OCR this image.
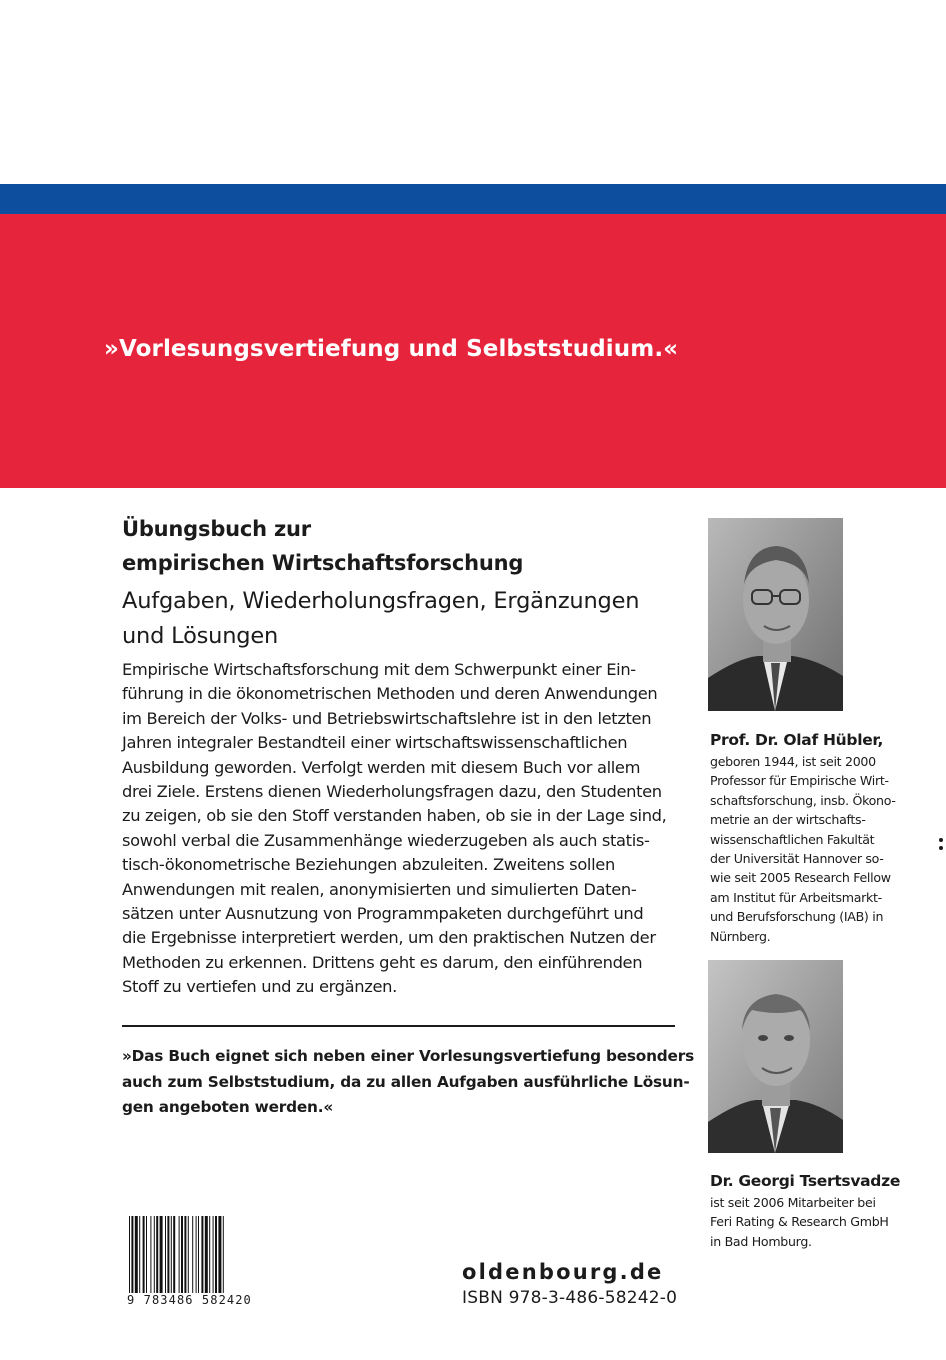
»Vorlesungsvertiefung und Selbststudium.«
Übungsbuch zur
empirischen Wirtschaftsforschung
Aufgaben, Wiederholungsfragen, Ergänzungen
und Lösungen
Empirische Wirtschaftsforschung mit dem Schwerpunkt einer Ein-
führung in die ökonometrischen Methoden und deren Anwendungen
im Bereich der Volks- und Betriebswirtschaftslehre ist in den letzten
Jahren integraler Bestandteil einer wirtschaftswissenschaftlichen
Ausbildung geworden. Verfolgt werden mit diesem Buch vor allem
drei Ziele. Erstens dienen Wiederholungsfragen dazu, den Studenten
zu zeigen, ob sie den Stoff verstanden haben, ob sie in der Lage sind,
sowohl verbal die Zusammenhänge wiederzugeben als auch statis-
tisch-ökonometrische Beziehungen abzuleiten. Zweitens sollen
Anwendungen mit realen, anonymisierten und simulierten Daten-
sätzen unter Ausnutzung von Programmpaketen durchgeführt und
die Ergebnisse interpretiert werden, um den praktischen Nutzen der
Methoden zu erkennen. Drittens geht es darum, den einführenden
Stoff zu vertiefen und zu ergänzen.
»Das Buch eignet sich neben einer Vorlesungsvertiefung besonders
auch zum Selbststudium, da zu allen Aufgaben ausführliche Lösun-
gen angeboten werden.«
Prof. Dr. Olaf Hübler,
geboren 1944, ist seit 2000
Professor für Empirische Wirt-
schaftsforschung, insb. Ökono-
metrie an der wirtschafts-
wissenschaftlichen Fakultät
der Universität Hannover so-
wie seit 2005 Research Fellow
am Institut für Arbeitsmarkt-
und Berufsforschung (IAB) in
Nürnberg.
Dr. Georgi Tsertsvadze
ist seit 2006 Mitarbeiter bei
Feri Rating & Research GmbH
in Bad Homburg.
9 783486 582420
oldenbourg.de
ISBN 978-3-486-58242-0
